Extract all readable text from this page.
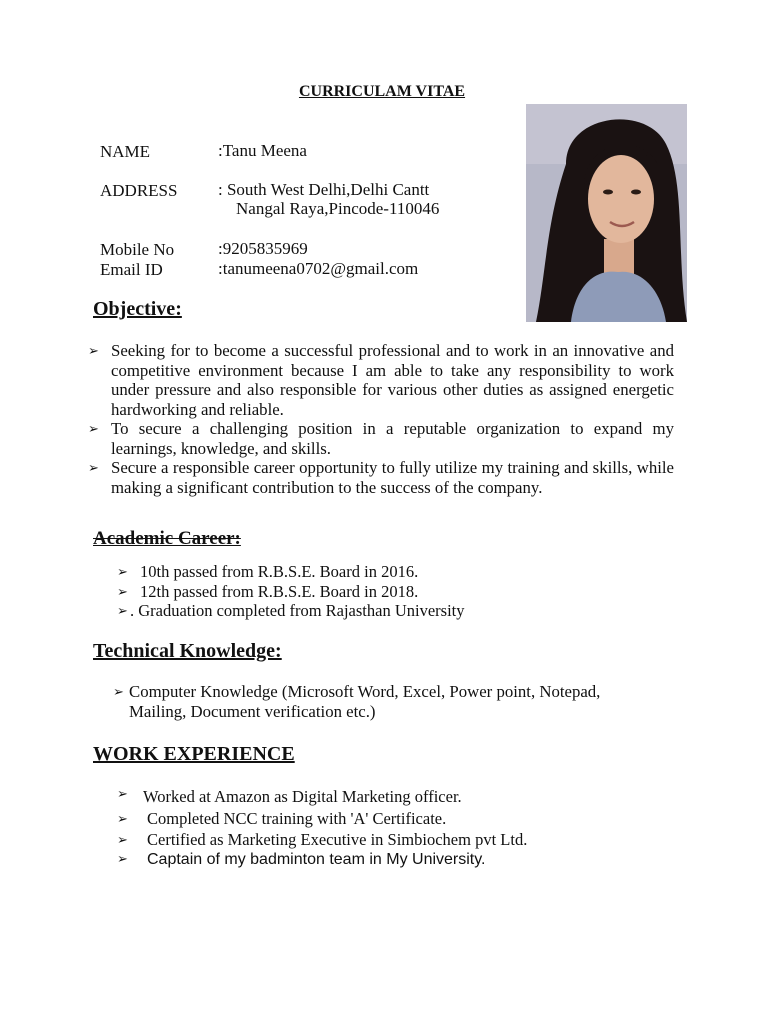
CURRICULAM VITAE
NAME	:Tanu Meena
ADDRESS : South West Delhi,Delhi Cantt
Nangal Raya,Pincode-110046
Mobile No	:9205835969
Email ID	:tanumeena0702@gmail.com
Objective:
➢ Seeking for to become a successful professional and to work in an innovative and competitive environment because I am able to take any responsibility to work under pressure and also responsible for various other duties as assigned energetic hardworking and reliable.
➢ To secure a challenging position in a reputable organization to expand my learnings, knowledge, and skills.
➢ Secure a responsible career opportunity to fully utilize my training and skills, while making a significant contribution to the success of the company.
Academic Career:
➢ 10th passed from R.B.S.E. Board in 2016.
➢ 12th passed from R.B.S.E. Board in 2018.
➢ . Graduation completed from Rajasthan University
Technical Knowledge:
➢ Computer Knowledge (Microsoft Word, Excel, Power point, Notepad, Mailing, Document verification etc.)
WORK EXPERIENCE
➢ Worked at Amazon as Digital Marketing officer.
➢ Completed NCC training with 'A' Certificate.
➢ Certified as Marketing Executive in Simbiochem pvt Ltd.
➢ Captain of my badminton team in My University.
